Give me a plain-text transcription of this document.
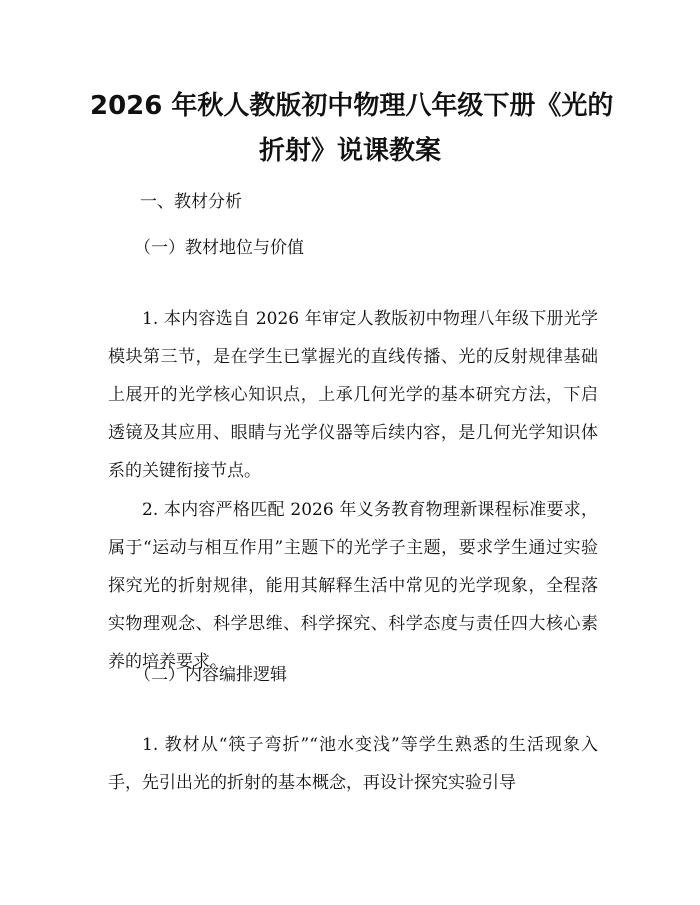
2026 年秋人教版初中物理八年级下册《光的
折射》说课教案
一、教材分析
（一）教材地位与价值

1. 本内容选自 2026 年审定人教版初中物理八年级下册光学模块第三节，是在学生已掌握光的直线传播、光的反射规律基础上展开的光学核心知识点，上承几何光学的基本研究方法，下启透镜及其应用、眼睛与光学仪器等后续内容，是几何光学知识体系的关键衔接节点。

2. 本内容严格匹配 2026 年义务教育物理新课程标准要求，属于“运动与相互作用”主题下的光学子主题，要求学生通过实验探究光的折射规律，能用其解释生活中常见的光学现象，全程落实物理观念、科学思维、科学探究、科学态度与责任四大核心素养的培养要求。

（二）内容编排逻辑

1. 教材从“筷子弯折”“池水变浅”等学生熟悉的生活现象入手，先引出光的折射的基本概念，再设计探究实验引导
